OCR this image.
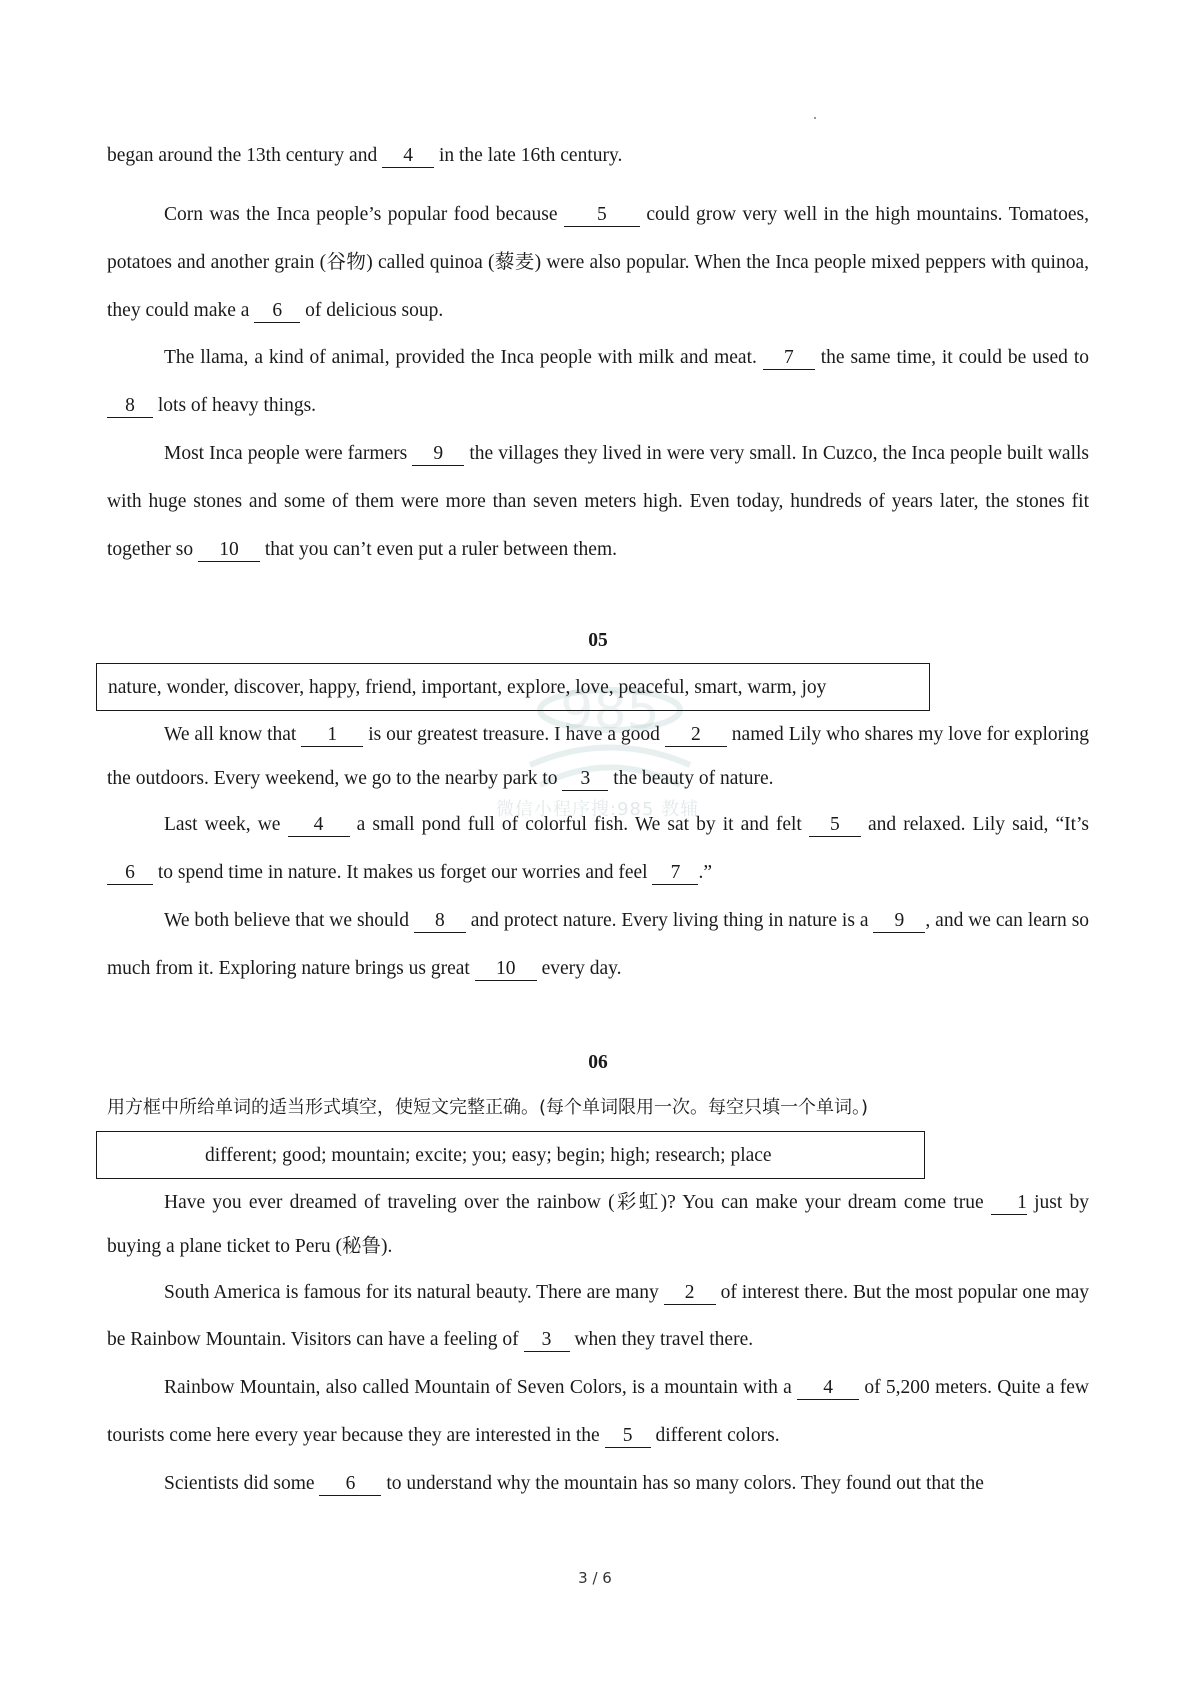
985
微信小程序搜:985 教辅

began around the 13th century and 4 in the late 16th century.

Corn was the Inca people’s popular food because 5 could grow very well in the high mountains. Tomatoes, potatoes and another grain (谷物) called quinoa (藜麦) were also popular. When the Inca people mixed peppers with quinoa, they could make a 6 of delicious soup.

The llama, a kind of animal, provided the Inca people with milk and meat. 7 the same time, it could be used to 8 lots of heavy things.

Most Inca people were farmers 9 the villages they lived in were very small. In Cuzco, the Inca people built walls with huge stones and some of them were more than seven meters high. Even today, hundreds of years later, the stones fit together so 10 that you can’t even put a ruler between them.

05

nature, wonder, discover, happy, friend, important, explore, love, peaceful, smart, warm, joy

We all know that 1 is our greatest treasure. I have a good 2 named Lily who shares my love for exploring the outdoors. Every weekend, we go to the nearby park to 3 the beauty of nature.

Last week, we 4 a small pond full of colorful fish. We sat by it and felt 5 and relaxed. Lily said, “It’s 6 to spend time in nature. It makes us forget our worries and feel 7 .”

We both believe that we should 8 and protect nature. Every living thing in nature is a 9 , and we can learn so much from it. Exploring nature brings us great 10 every day.

06

用方框中所给单词的适当形式填空，使短文完整正确。(每个单词限用一次。每空只填一个单词。)

different; good; mountain; excite; you; easy; begin; high; research; place

Have you ever dreamed of traveling over the rainbow (彩虹)? You can make your dream come true 1 just by buying a plane ticket to Peru (秘鲁).

South America is famous for its natural beauty. There are many 2 of interest there. But the most popular one may be Rainbow Mountain. Visitors can have a feeling of 3 when they travel there.

Rainbow Mountain, also called Mountain of Seven Colors, is a mountain with a 4 of 5,200 meters. Quite a few tourists come here every year because they are interested in the 5 different colors.

Scientists did some 6 to understand why the mountain has so many colors. They found out that the

3 / 6
